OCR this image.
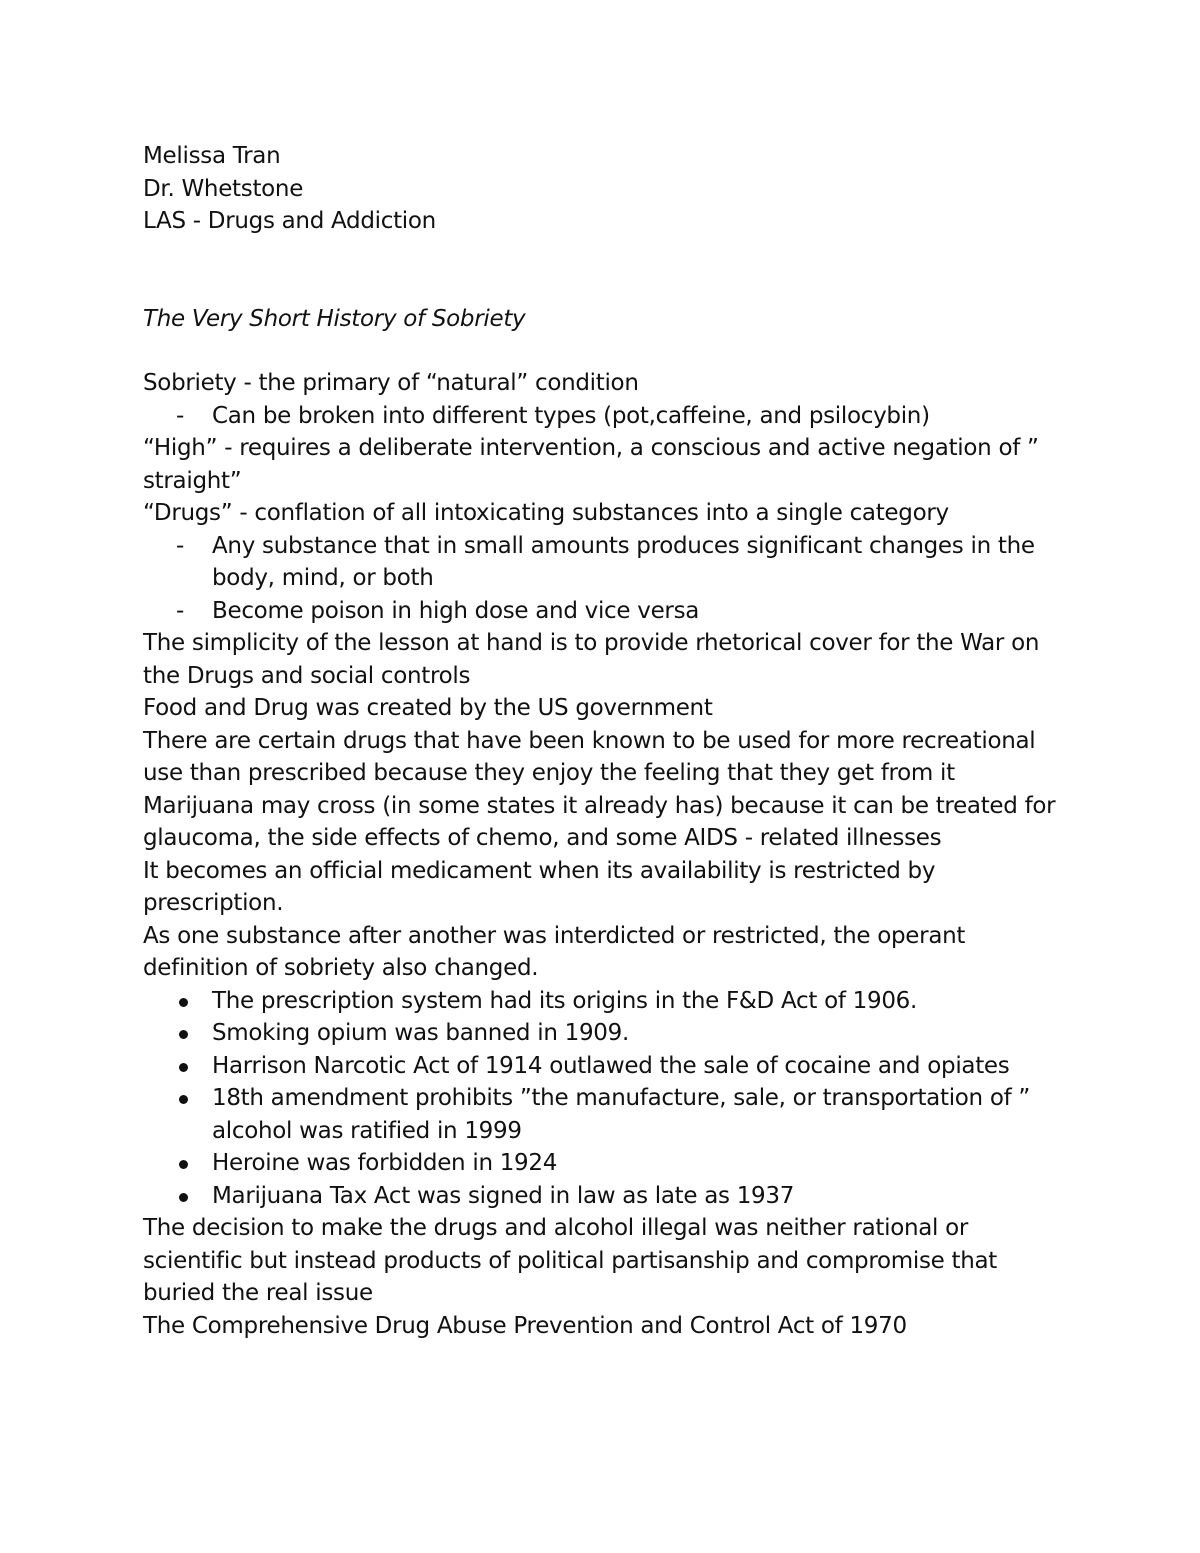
Melissa Tran

Dr. Whetstone

LAS - Drugs and Addiction

The Very Short History of Sobriety

Sobriety - the primary of “natural” condition

- Can be broken into different types (pot,caffeine, and psilocybin)

“High” - requires a deliberate intervention, a conscious and active negation of ” straight”

“Drugs” - conflation of all intoxicating substances into a single category

- Any substance that in small amounts produces significant changes in the body, mind, or both
- Become poison in high dose and vice versa

The simplicity of the lesson at hand is to provide rhetorical cover for the War on the Drugs and social controls

Food and Drug was created by the US government

There are certain drugs that have been known to be used for more recreational use than prescribed because they enjoy the feeling that they get from it

Marijuana may cross (in some states it already has) because it can be treated for glaucoma, the side effects of chemo, and some AIDS - related illnesses

It becomes an official medicament when its availability is restricted by prescription.

As one substance after another was interdicted or restricted, the operant definition of sobriety also changed.

The prescription system had its origins in the F&D Act of 1906.
Smoking opium was banned in 1909.
Harrison Narcotic Act of 1914 outlawed the sale of cocaine and opiates
18th amendment prohibits ”the manufacture, sale, or transportation of ” alcohol was ratified in 1999
Heroine was forbidden in 1924
Marijuana Tax Act was signed in law as late as 1937

The decision to make the drugs and alcohol illegal was neither rational or scientific but instead products of political partisanship and compromise that buried the real issue

The Comprehensive Drug Abuse Prevention and Control Act of 1970
